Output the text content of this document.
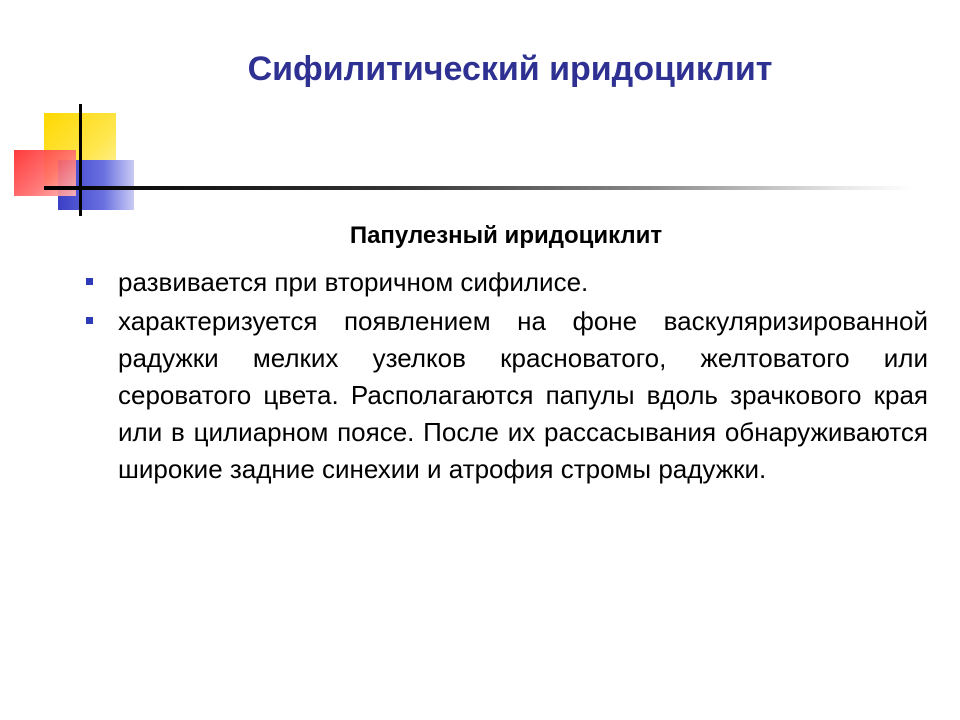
Сифилитический иридоциклит
Папулезный иридоциклит
развивается при вторичном сифилисе.
характеризуется появлением на фоне васкуляризированной радужки мелких узелков красноватого, желтоватого или сероватого цвета. Располагаются папулы вдоль зрачкового края или в цилиарном поясе. После их рассасывания обнаруживаются широкие задние синехии и атрофия стромы радужки.
